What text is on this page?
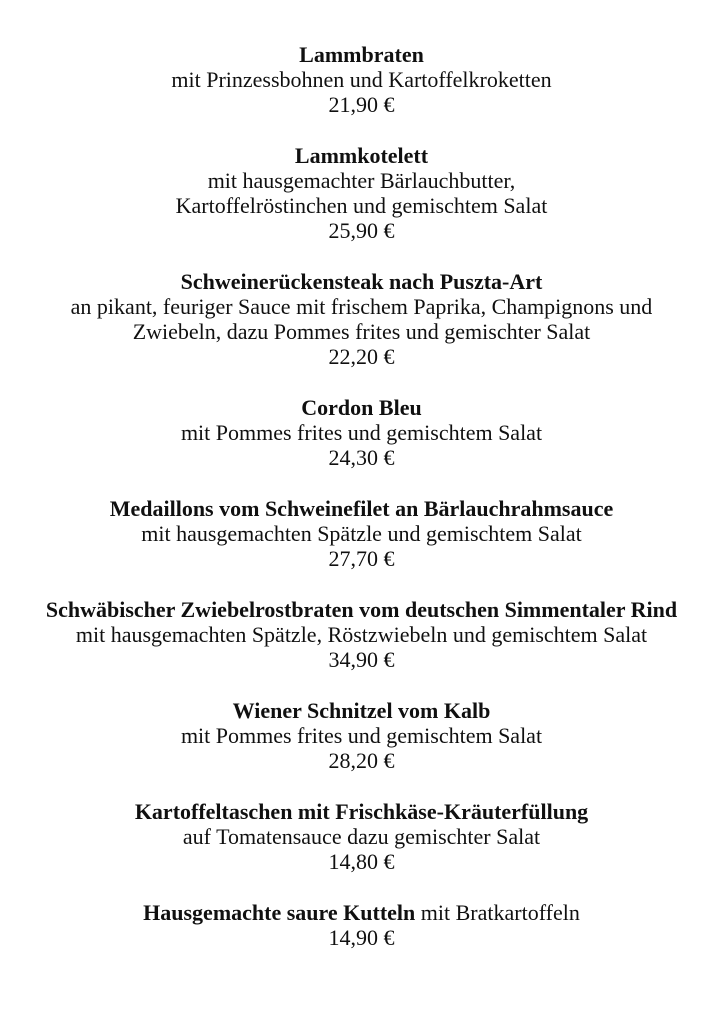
Lammbraten
mit Prinzessbohnen und Kartoffelkroketten
21,90 €
Lammkotelett
mit hausgemachter Bärlauchbutter,
Kartoffelröstinchen und gemischtem Salat
25,90 €
Schweinerückensteak nach Puszta-Art
an pikant, feuriger Sauce mit frischem Paprika, Champignons und
Zwiebeln, dazu Pommes frites und gemischter Salat
22,20 €
Cordon Bleu
mit Pommes frites und gemischtem Salat
24,30 €
Medaillons vom Schweinefilet an Bärlauchrahmsauce
mit hausgemachten Spätzle und gemischtem Salat
27,70 €
Schwäbischer Zwiebelrostbraten vom deutschen Simmentaler Rind
mit hausgemachten Spätzle, Röstzwiebeln und gemischtem Salat
34,90 €
Wiener Schnitzel vom Kalb
mit Pommes frites und gemischtem Salat
28,20 €
Kartoffeltaschen mit Frischkäse-Kräuterfüllung
auf Tomatensauce dazu gemischter Salat
14,80 €
Hausgemachte saure Kutteln mit Bratkartoffeln
14,90 €
